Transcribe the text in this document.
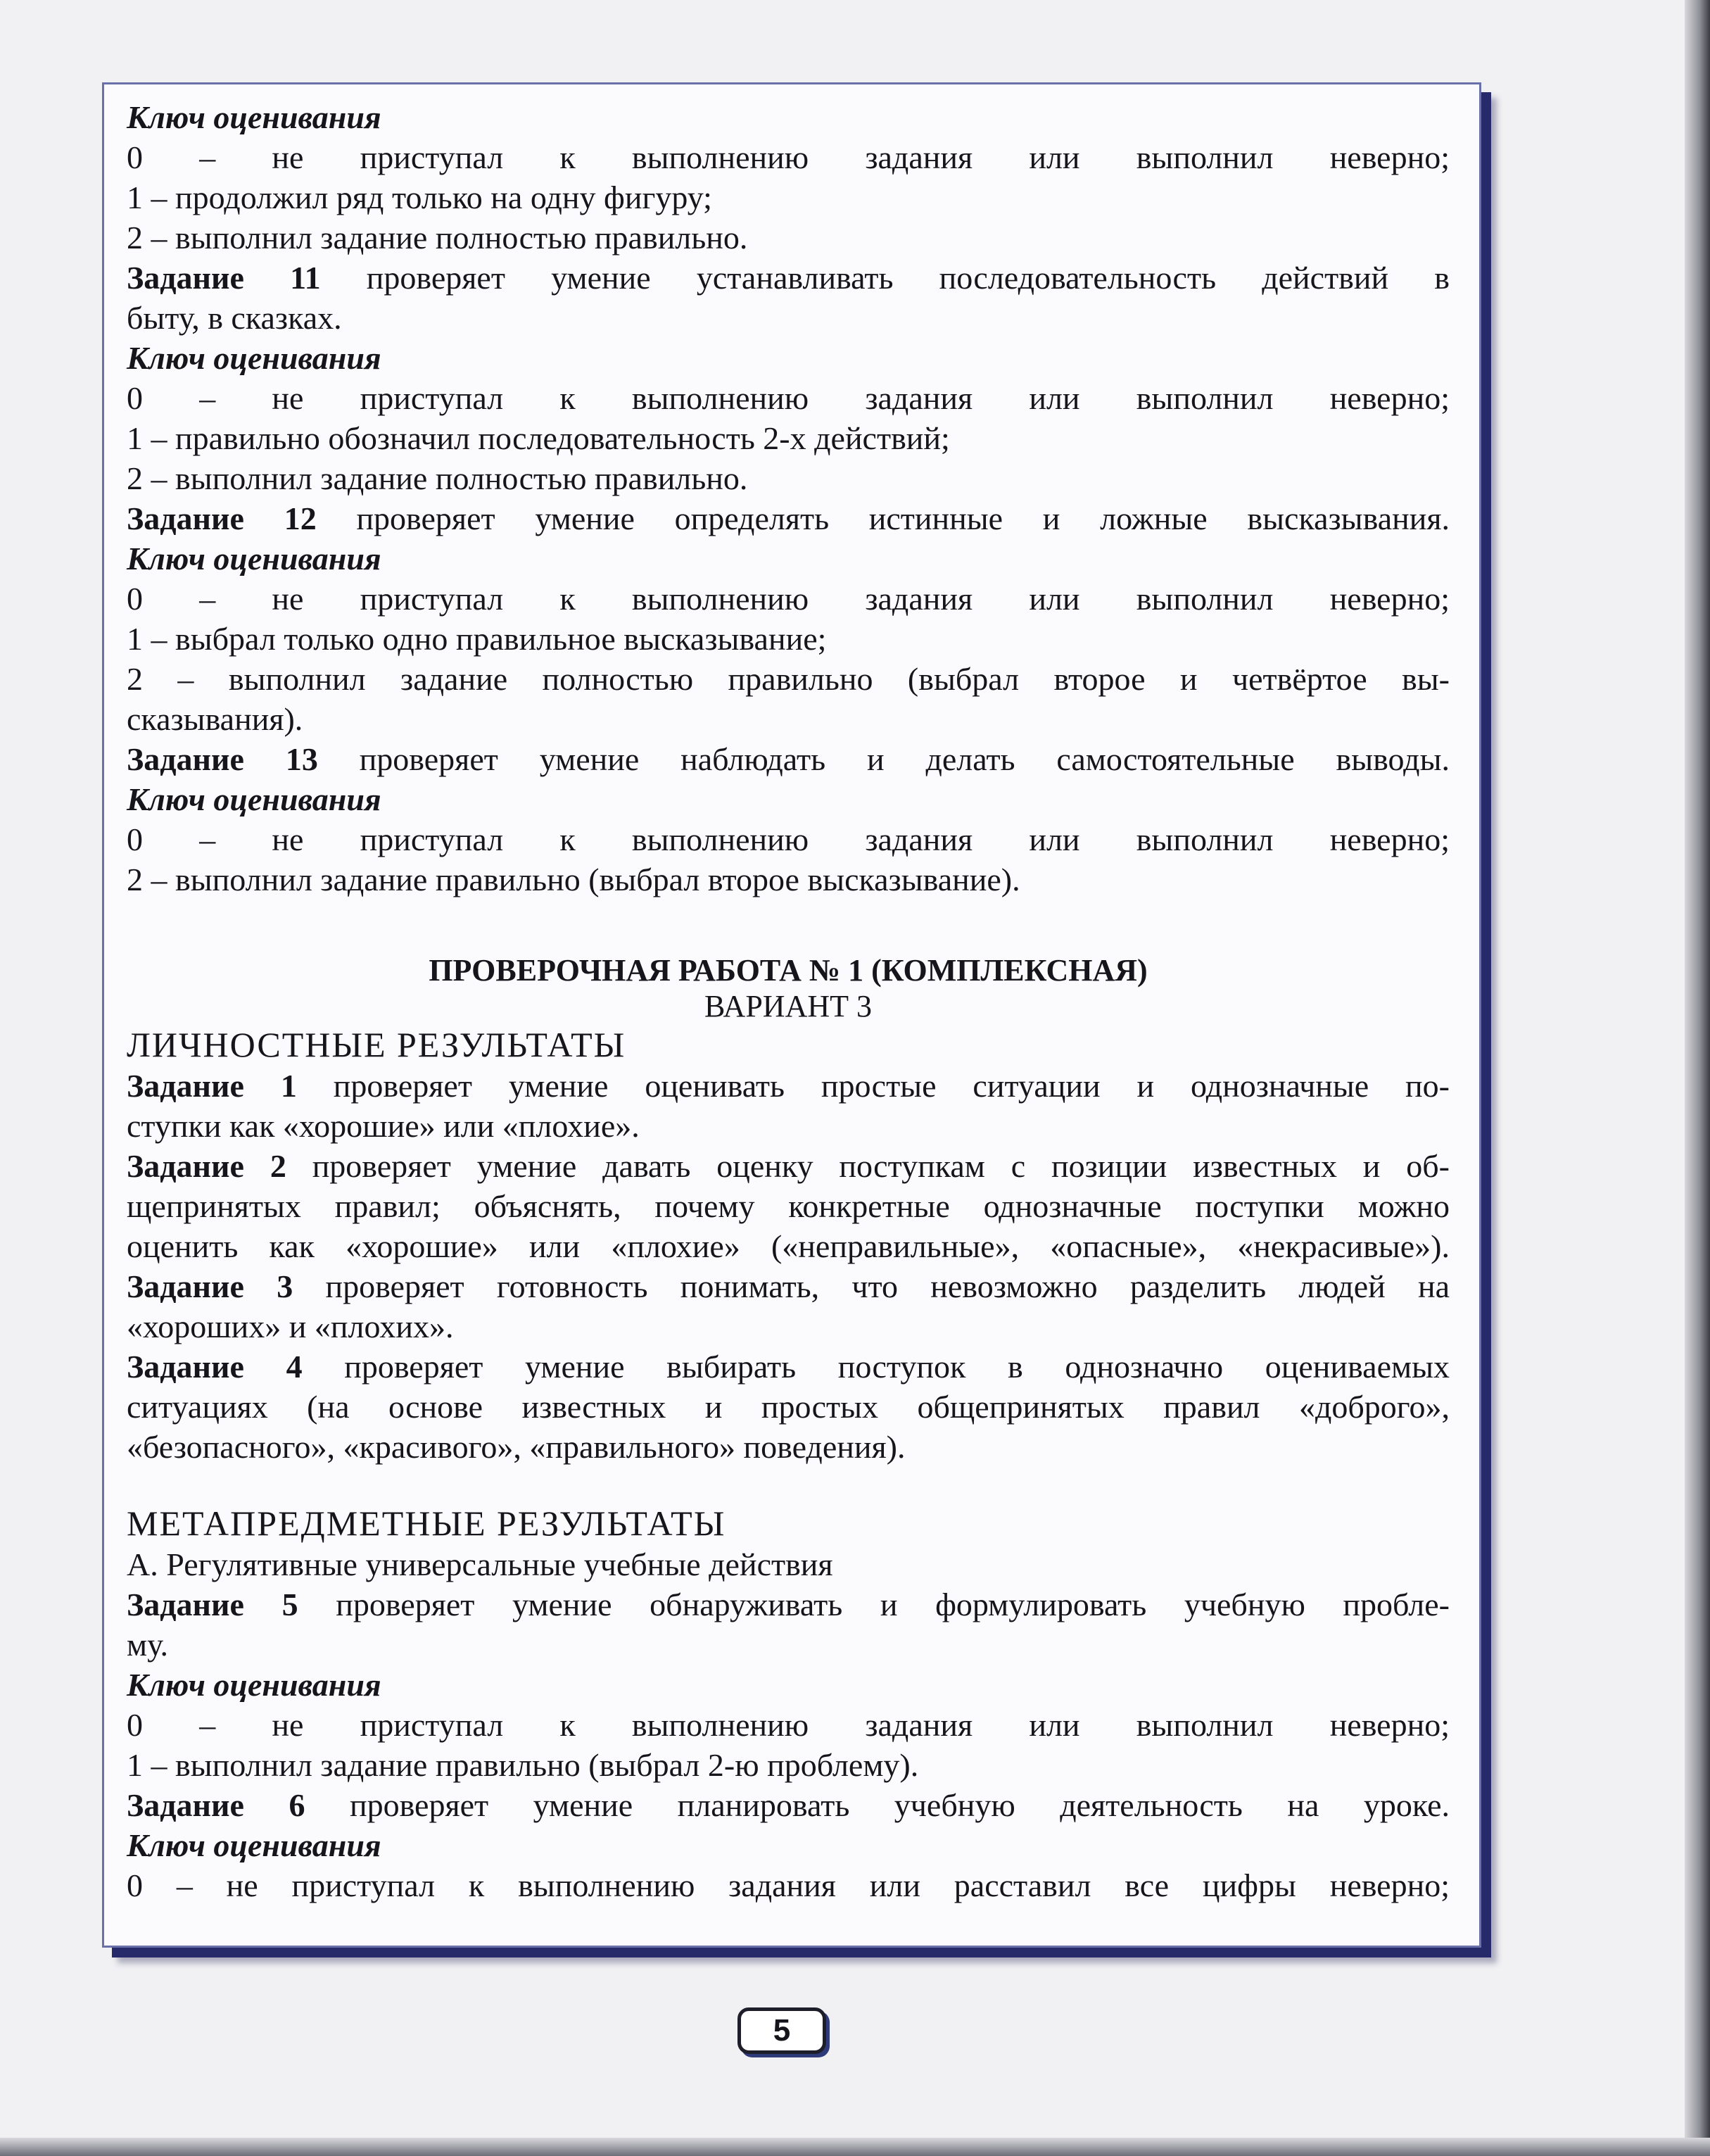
Ключ оценивания
0 – не приступал к выполнению задания или выполнил неверно;
1 – продолжил ряд только на одну фигуру;
2 – выполнил задание полностью правильно.
Задание 11 проверяет умение устанавливать последовательность действий в
быту, в сказках.
Ключ оценивания
0 – не приступал к выполнению задания или выполнил неверно;
1 – правильно обозначил последовательность 2-х действий;
2 – выполнил задание полностью правильно.
Задание 12 проверяет умение определять истинные и ложные высказывания.
Ключ оценивания
0 – не приступал к выполнению задания или выполнил неверно;
1 – выбрал только одно правильное высказывание;
2 – выполнил задание полностью правильно (выбрал второе и четвёртое вы-
сказывания).
Задание 13 проверяет умение наблюдать и делать самостоятельные выводы.
Ключ оценивания
0 – не приступал к выполнению задания или выполнил неверно;
2 – выполнил задание правильно (выбрал второе высказывание).
ПРОВЕРОЧНАЯ РАБОТА № 1 (КОМПЛЕКСНАЯ)
ВАРИАНТ 3
ЛИЧНОСТНЫЕ РЕЗУЛЬТАТЫ
Задание 1 проверяет умение оценивать простые ситуации и однозначные по-
ступки как «хорошие» или «плохие».
Задание 2 проверяет умение давать оценку поступкам с позиции известных и об-
щепринятых правил; объяснять, почему конкретные однозначные поступки можно
оценить как «хорошие» или «плохие» («неправильные», «опасные», «некрасивые»).
Задание 3 проверяет готовность понимать, что невозможно разделить людей на
«хороших» и «плохих».
Задание 4 проверяет умение выбирать поступок в однозначно оцениваемых
ситуациях (на основе известных и простых общепринятых правил «доброго»,
«безопасного», «красивого», «правильного» поведения).
МЕТАПРЕДМЕТНЫЕ РЕЗУЛЬТАТЫ
А. Регулятивные универсальные учебные действия
Задание 5 проверяет умение обнаруживать и формулировать учебную пробле-
му.
Ключ оценивания
0 – не приступал к выполнению задания или выполнил неверно;
1 – выполнил задание правильно (выбрал 2-ю проблему).
Задание 6 проверяет умение планировать учебную деятельность на уроке.
Ключ оценивания
0 – не приступал к выполнению задания или расставил все цифры неверно;
5
